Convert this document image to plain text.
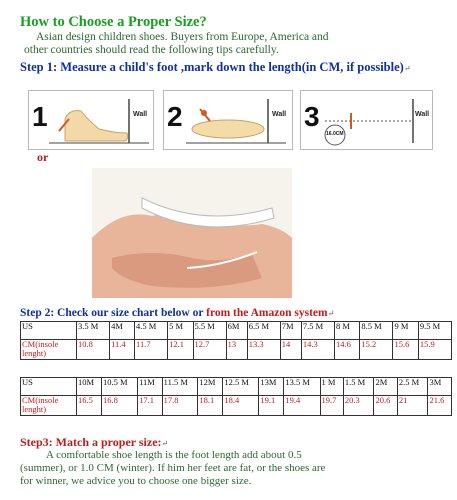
How to Choose a Proper Size?
Asian design children shoes. Buyers from Europe, America and
other countries should read the following tips carefully.
Step 1: Measure a child's foot ,mark down the length(in CM, if possible)↵
1	Wall 2	Wall 3	Wall
16.0CM
or
Step 2: Check our size chart below or from the Amazon system↵
US	3.5 M	4M	4.5 M	5 M	5.5 M	6M	6.5 M	7M	7.5 M	8 M	8.5 M	9 M	9.5 M
CM(insole lenght)	10.8	11.4	11.7	12.1	12.7	13	13.3	14	14.3	14.6	15.2	15.6	15.9
US	10M	10.5 M	11M	11.5 M	12M	12.5 M	13M	13.5 M	1 M	1.5 M	2M	2.5 M	3M
CM(insole lenght)	16.5	16.8	17.1	17.8	18.1	18.4	19.1	19.4	19.7	20.3	20.6	21	21.6
Step3: Match a proper size:↵
A comfortable shoe length is the foot length add about 0.5
(summer), or 1.0 CM (winter). If him her feet are fat, or the shoes are
for winner, we advice you to choose one bigger size.
